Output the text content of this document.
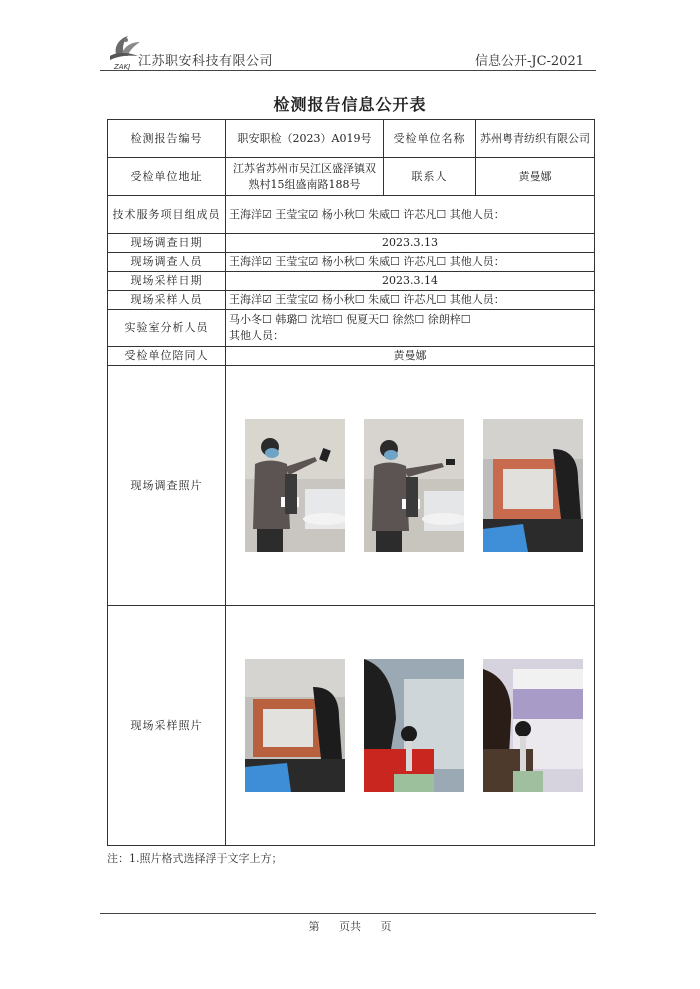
ZAKJ 江苏职安科技有限公司	信息公开-JC-2021
检测报告信息公开表
检测报告编号	职安职检（2023）A019号	受检单位名称	苏州粤青纺织有限公司
受检单位地址	江苏省苏州市吴江区盛泽镇双熟村15组盛南路188号	联系人	黄曼娜
技术服务项目组成员	王海洋☑ 王莹宝☑ 杨小秋☐ 朱威☐ 许芯凡☐ 其他人员：		
现场调查日期	2023.3.13		
现场调查人员	王海洋☑ 王莹宝☑ 杨小秋☐ 朱威☐ 许芯凡☐ 其他人员：		
现场采样日期	2023.3.14		
现场采样人员	王海洋☑ 王莹宝☑ 杨小秋☐ 朱威☐ 许芯凡☐ 其他人员：		
实验室分析人员	马小冬☐ 韩璐☐ 沈培☐ 倪夏天☐ 徐然☐ 徐朗梓☐
其他人员：		

受检单位陪同人	黄曼娜		
现场调查照片	

现场采样照片	
注：1.照片格式选择浮于文字上方；
第 页共 页
